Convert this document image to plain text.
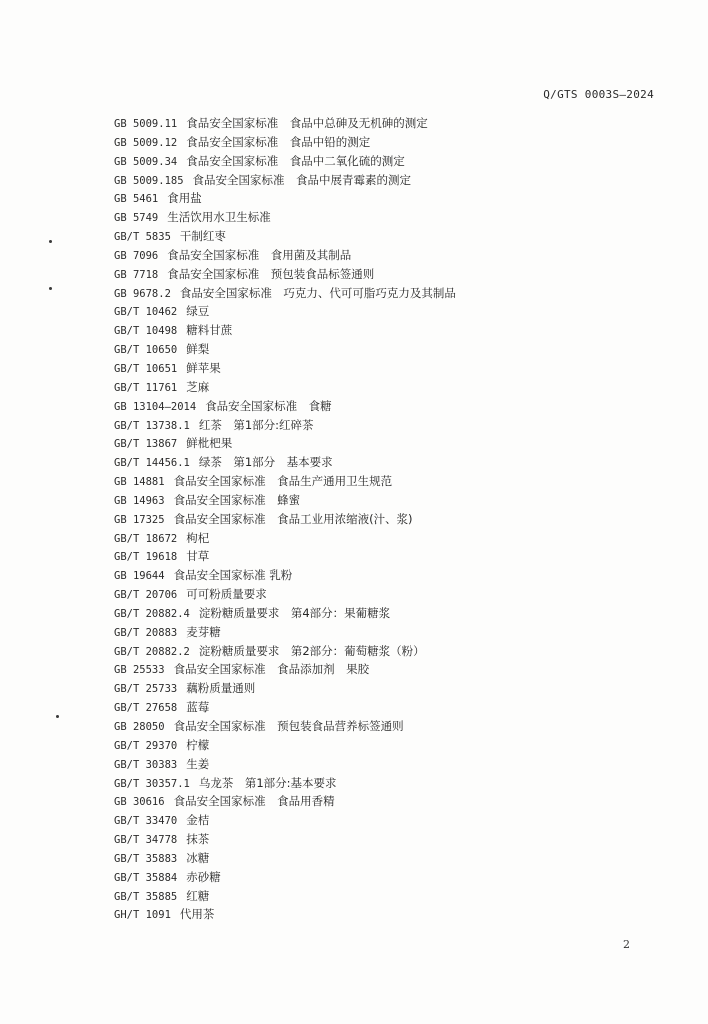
Q/GTS 0003S—2024
GB 5009.11 食品安全国家标准　食品中总砷及无机砷的测定
GB 5009.12 食品安全国家标准　食品中铅的测定
GB 5009.34 食品安全国家标准　食品中二氧化硫的测定
GB 5009.185 食品安全国家标准　食品中展青霉素的测定
GB 5461 食用盐
GB 5749 生活饮用水卫生标准
GB/T 5835 干制红枣
GB 7096 食品安全国家标准　食用菌及其制品
GB 7718 食品安全国家标准　预包装食品标签通则
GB 9678.2 食品安全国家标准　巧克力、代可可脂巧克力及其制品
GB/T 10462 绿豆
GB/T 10498 糖料甘蔗
GB/T 10650 鲜梨
GB/T 10651 鲜苹果
GB/T 11761 芝麻
GB 13104—2014 食品安全国家标准　食糖
GB/T 13738.1 红茶　第1部分:红碎茶
GB/T 13867 鲜枇杷果
GB/T 14456.1 绿茶　第1部分　基本要求
GB 14881 食品安全国家标准　食品生产通用卫生规范
GB 14963 食品安全国家标准　蜂蜜
GB 17325 食品安全国家标准　食品工业用浓缩液(汁、浆)
GB/T 18672 枸杞
GB/T 19618 甘草
GB 19644 食品安全国家标准 乳粉
GB/T 20706 可可粉质量要求
GB/T 20882.4 淀粉糖质量要求　第4部分：果葡糖浆
GB/T 20883 麦芽糖
GB/T 20882.2 淀粉糖质量要求　第2部分：葡萄糖浆（粉）
GB 25533 食品安全国家标准　食品添加剂　果胶
GB/T 25733 藕粉质量通则
GB/T 27658 蓝莓
GB 28050 食品安全国家标准　预包装食品营养标签通则
GB/T 29370 柠檬
GB/T 30383 生姜
GB/T 30357.1 乌龙茶　第1部分:基本要求
GB 30616 食品安全国家标准　食品用香精
GB/T 33470 金桔
GB/T 34778 抹茶
GB/T 35883 冰糖
GB/T 35884 赤砂糖
GB/T 35885 红糖
GH/T 1091 代用茶
2
